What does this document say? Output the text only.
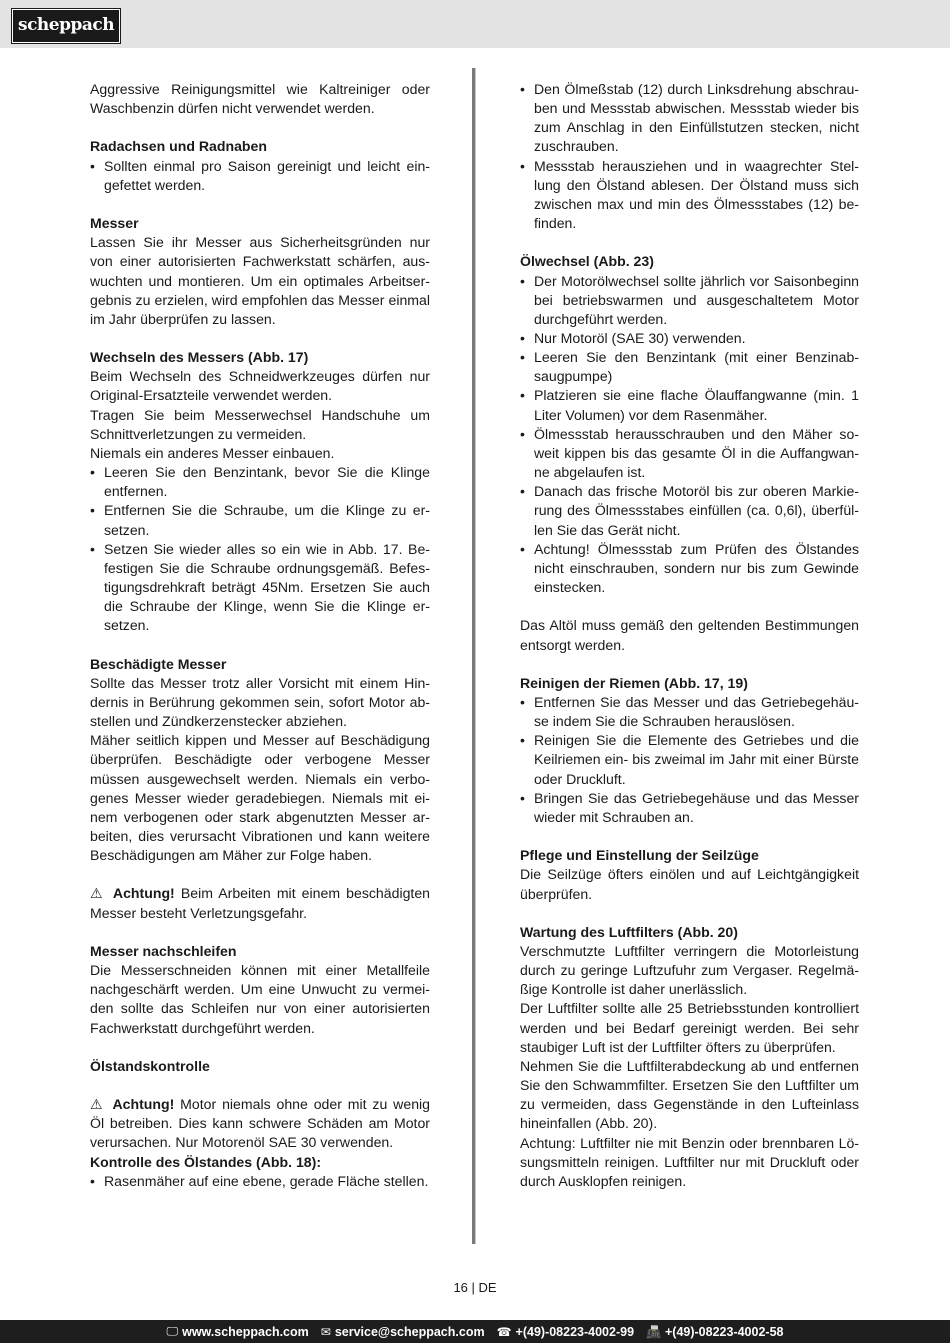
scheppach

Aggressive Reinigungsmittel wie Kaltreiniger oder Waschbenzin dürfen nicht verwendet werden.

Radachsen und Radnaben
• Sollten einmal pro Saison gereinigt und leicht eingefettet werden.
Messer

Lassen Sie ihr Messer aus Sicherheitsgründen nur von einer autorisierten Fachwerkstatt schärfen, auswuchten und montieren. Um ein optimales Arbeitsergebnis zu erzielen, wird empfohlen das Messer einmal im Jahr überprüfen zu lassen.

Wechseln des Messers (Abb. 17)

Beim Wechseln des Schneidwerkzeuges dürfen nur Original-Ersatzteile verwendet werden.

Tragen Sie beim Messerwechsel Handschuhe um Schnittverletzungen zu vermeiden.

Niemals ein anderes Messer einbauen.

• Leeren Sie den Benzintank, bevor Sie die Klinge entfernen.
• Entfernen Sie die Schraube, um die Klinge zu ersetzen.
• Setzen Sie wieder alles so ein wie in Abb. 17. Befestigen Sie die Schraube ordnungsgemäß. Befestigungsdrehkraft beträgt 45Nm. Ersetzen Sie auch die Schraube der Klinge, wenn Sie die Klinge ersetzen.
Beschädigte Messer

Sollte das Messer trotz aller Vorsicht mit einem Hindernis in Berührung gekommen sein, sofort Motor abstellen und Zündkerzenstecker abziehen.

Mäher seitlich kippen und Messer auf Beschädigung überprüfen. Beschädigte oder verbogene Messer müssen ausgewechselt werden. Niemals ein verbogenes Messer wieder geradebiegen. Niemals mit einem verbogenen oder stark abgenutzten Messer arbeiten, dies verursacht Vibrationen und kann weitere Beschädigungen am Mäher zur Folge haben.

⚠ Achtung! Beim Arbeiten mit einem beschädigten Messer besteht Verletzungsgefahr.

Messer nachschleifen

Die Messerschneiden können mit einer Metallfeile nachgeschärft werden. Um eine Unwucht zu vermeiden sollte das Schleifen nur von einer autorisierten Fachwerkstatt durchgeführt werden.

Ölstandskontrolle

⚠ Achtung! Motor niemals ohne oder mit zu wenig Öl betreiben. Dies kann schwere Schäden am Motor verursachen. Nur Motorenöl SAE 30 verwenden.

Kontrolle des Ölstandes (Abb. 18):
• Rasenmäher auf eine ebene, gerade Fläche stellen.
• Den Ölmeßstab (12) durch Linksdrehung abschrauben und Messstab abwischen. Messstab wieder bis zum Anschlag in den Einfüllstutzen stecken, nicht zuschrauben.
• Messstab herausziehen und in waagrechter Stellung den Ölstand ablesen. Der Ölstand muss sich zwischen max und min des Ölmessstabes (12) befinden.
Ölwechsel (Abb. 23)
• Der Motorölwechsel sollte jährlich vor Saisonbeginn bei betriebswarmen und ausgeschaltetem Motor durchgeführt werden.
• Nur Motoröl (SAE 30) verwenden.
• Leeren Sie den Benzintank (mit einer Benzinabsaugpumpe)
• Platzieren sie eine flache Ölauffangwanne (min. 1 Liter Volumen) vor dem Rasenmäher.
• Ölmessstab herausschrauben und den Mäher soweit kippen bis das gesamte Öl in die Auffangwanne abgelaufen ist.
• Danach das frische Motoröl bis zur oberen Markierung des Ölmessstabes einfüllen (ca. 0,6l), überfüllen Sie das Gerät nicht.
• Achtung! Ölmessstab zum Prüfen des Ölstandes nicht einschrauben, sondern nur bis zum Gewinde einstecken.

Das Altöl muss gemäß den geltenden Bestimmungen entsorgt werden.

Reinigen der Riemen (Abb. 17, 19)
• Entfernen Sie das Messer und das Getriebegehäuse indem Sie die Schrauben herauslösen.
• Reinigen Sie die Elemente des Getriebes und die Keilriemen ein- bis zweimal im Jahr mit einer Bürste oder Druckluft.
• Bringen Sie das Getriebegehäuse und das Messer wieder mit Schrauben an.
Pflege und Einstellung der Seilzüge

Die Seilzüge öfters einölen und auf Leichtgängigkeit überprüfen.

Wartung des Luftfilters (Abb. 20)

Verschmutzte Luftfilter verringern die Motorleistung durch zu geringe Luftzufuhr zum Vergaser. Regelmäßige Kontrolle ist daher unerlässlich.

Der Luftfilter sollte alle 25 Betriebsstunden kontrolliert werden und bei Bedarf gereinigt werden. Bei sehr staubiger Luft ist der Luftfilter öfters zu überprüfen.

Nehmen Sie die Luftfilterabdeckung ab und entfernen Sie den Schwammfilter. Ersetzen Sie den Luftfilter um zu vermeiden, dass Gegenstände in den Lufteinlass hineinfallen (Abb. 20).

Achtung: Luftfilter nie mit Benzin oder brennbaren Lösungsmitteln reinigen. Luftfilter nur mit Druckluft oder durch Ausklopfen reinigen.

16 | DE
🖵 www.scheppach.com ✉ service@scheppach.com ☎ +(49)-08223-4002-99 📠 +(49)-08223-4002-58
